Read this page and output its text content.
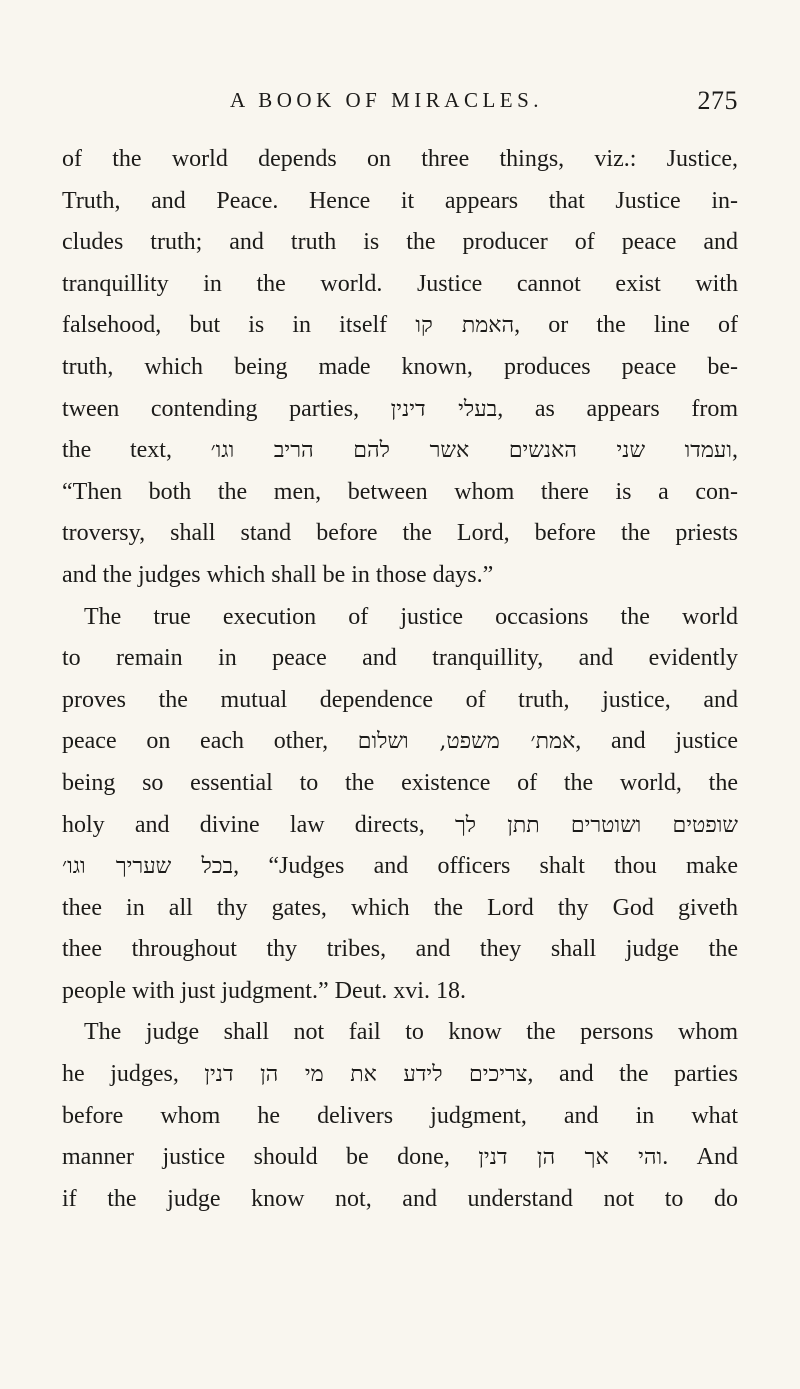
A BOOK OF MIRACLES.	275
of the world depends on three things, viz.: Justice,
Truth, and Peace. Hence it appears that Justice in-
cludes truth; and truth is the producer of peace and
tranquillity in the world. Justice cannot exist with
falsehood, but is in itself האמת קו, or the line of
truth, which being made known, produces peace be-
tween contending parties, בעלי דינין, as appears from
the text, ועמדו שני האנשים אשר להם הריב וגו׳,
“Then both the men, between whom there is a con-
troversy, shall stand before the Lord, before the priests
and the judges which shall be in those days.”
The true execution of justice occasions the world
to remain in peace and tranquillity, and evidently
proves the mutual dependence of truth, justice, and
peace on each other, אמת׳ משפט, ושלום, and justice
being so essential to the existence of the world, the
holy and divine law directs, שופטים ושוטרים תתן לך
בכל שעריך וגו׳, “Judges and officers shalt thou make
thee in all thy gates, which the Lord thy God giveth
thee throughout thy tribes, and they shall judge the
people with just judgment.” Deut. xvi. 18.
The judge shall not fail to know the persons whom
he judges, צריכים לידע את מי הן דנין, and the parties
before whom he delivers judgment, and in what
manner justice should be done, והי אך הן דנין. And
if the judge know not, and understand not to do
